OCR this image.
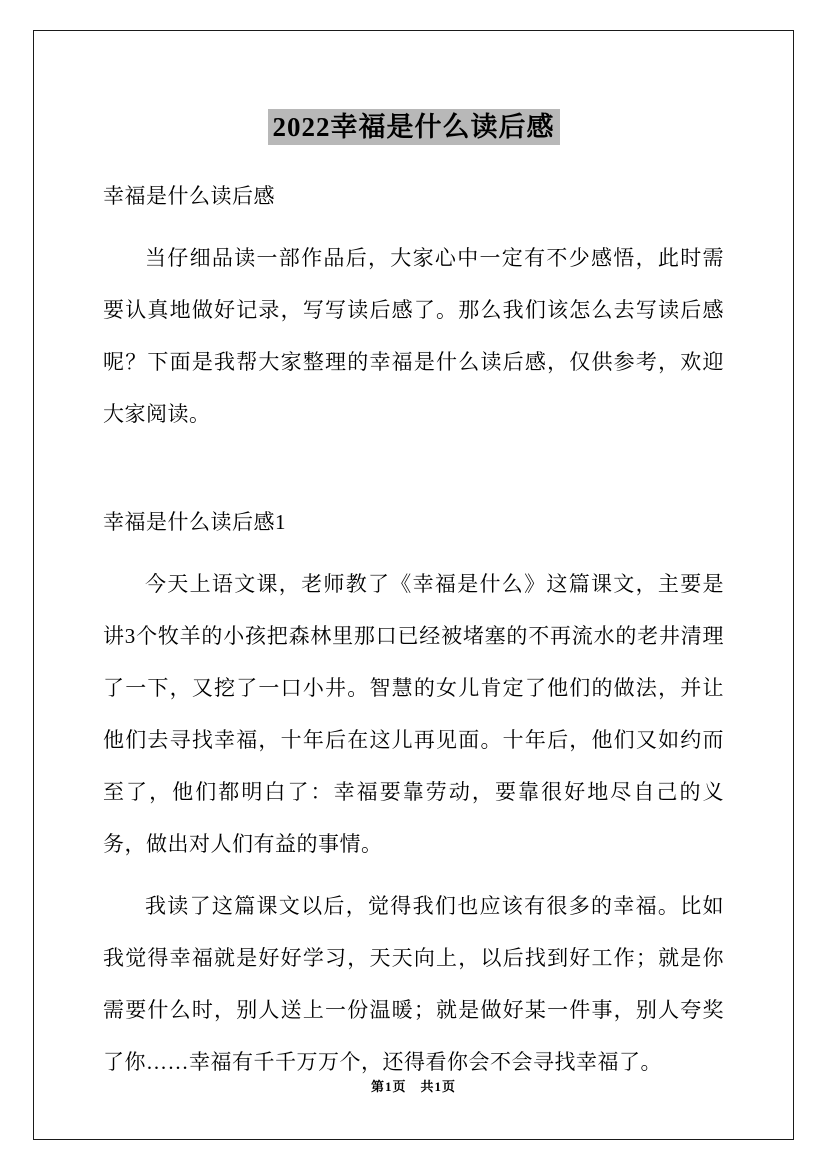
2022幸福是什么读后感

幸福是什么读后感

当仔细品读一部作品后，大家心中一定有不少感悟，此时需要认真地做好记录，写写读后感了。那么我们该怎么去写读后感呢？下面是我帮大家整理的幸福是什么读后感，仅供参考，欢迎大家阅读。

幸福是什么读后感1

今天上语文课，老师教了《幸福是什么》这篇课文，主要是讲3个牧羊的小孩把森林里那口已经被堵塞的不再流水的老井清理了一下，又挖了一口小井。智慧的女儿肯定了他们的做法，并让他们去寻找幸福，十年后在这儿再见面。十年后，他们又如约而至了，他们都明白了：幸福要靠劳动，要靠很好地尽自己的义务，做出对人们有益的事情。

我读了这篇课文以后，觉得我们也应该有很多的幸福。比如我觉得幸福就是好好学习，天天向上，以后找到好工作；就是你需要什么时，别人送上一份温暖；就是做好某一件事，别人夸奖了你……幸福有千千万万个，还得看你会不会寻找幸福了。

第1页 共1页
